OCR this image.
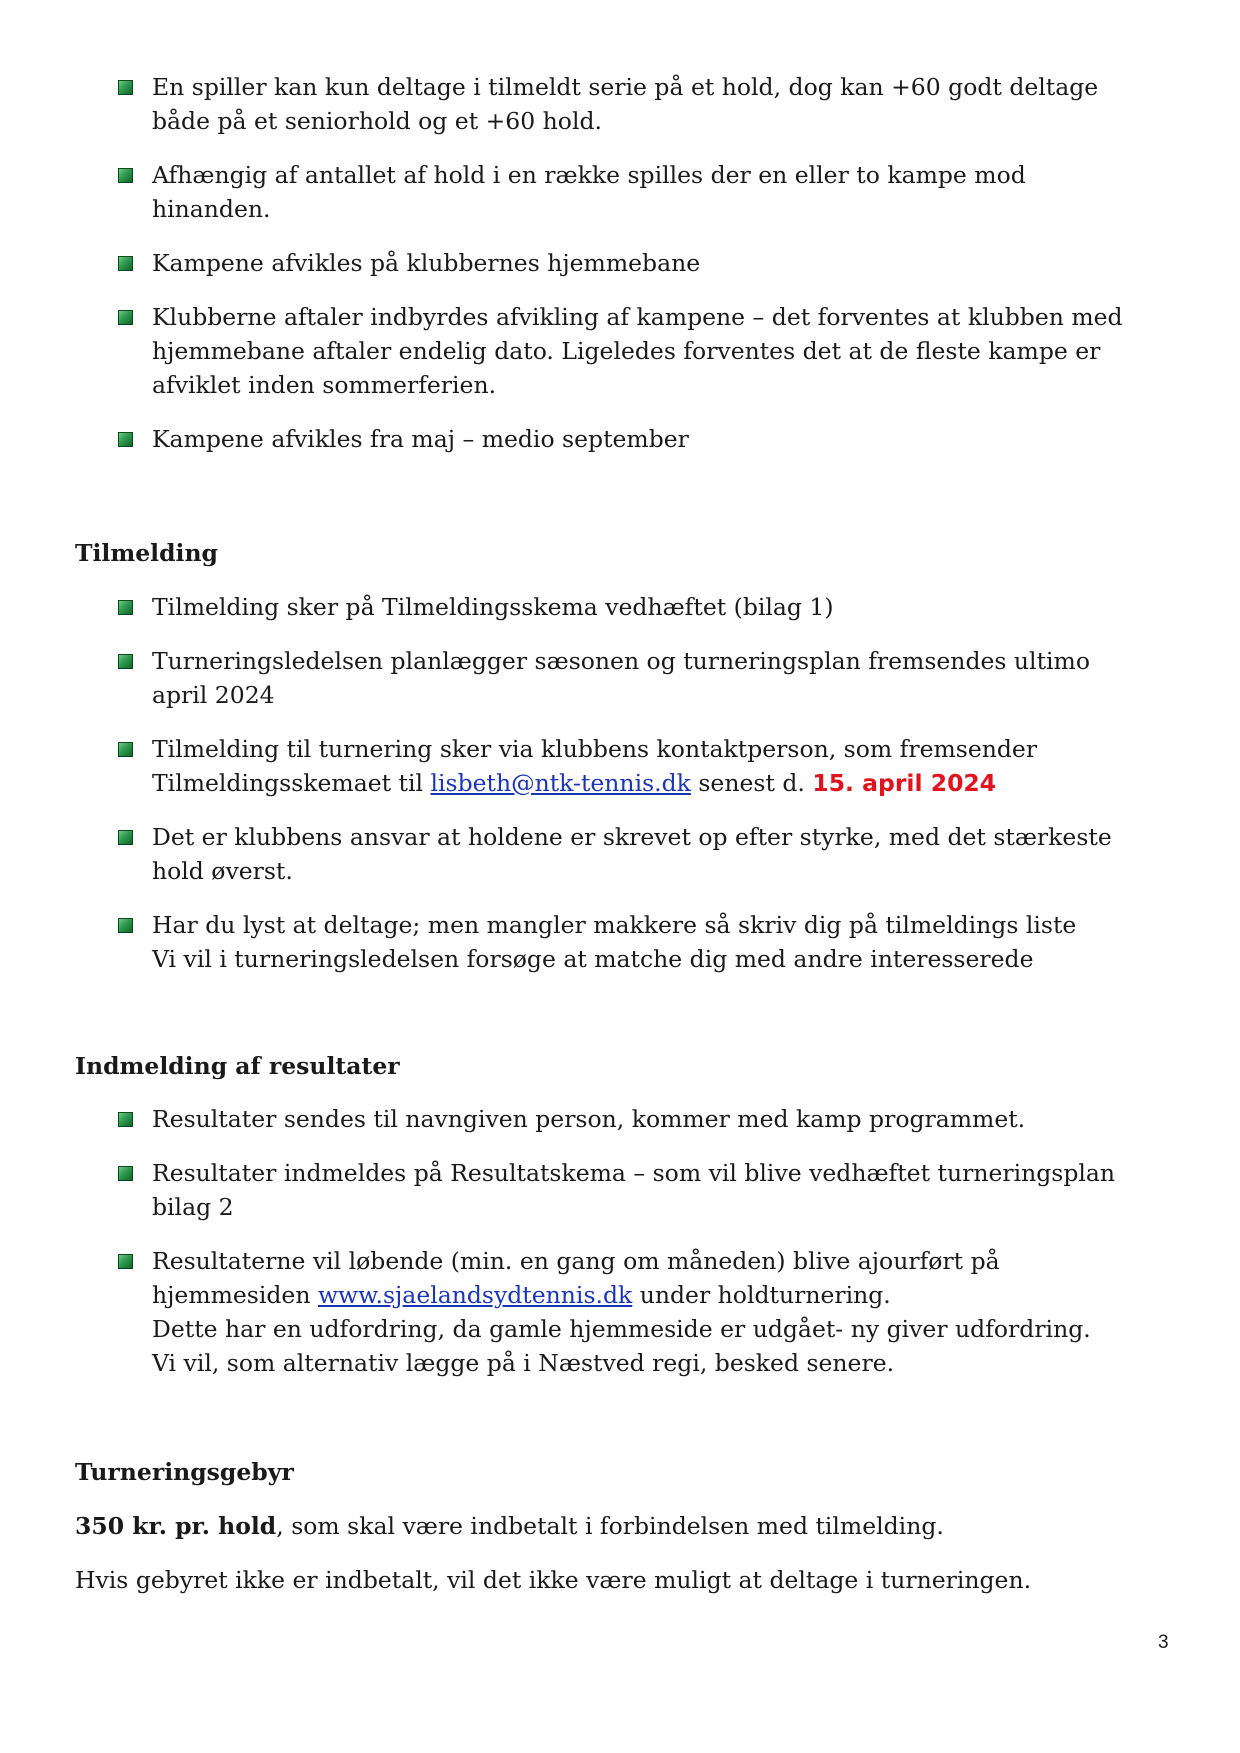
En spiller kan kun deltage i tilmeldt serie på et hold, dog kan +60 godt deltage
både på et seniorhold og et +60 hold.
Afhængig af antallet af hold i en række spilles der en eller to kampe mod
hinanden.
Kampene afvikles på klubbernes hjemmebane
Klubberne aftaler indbyrdes afvikling af kampene – det forventes at klubben med
hjemmebane aftaler endelig dato. Ligeledes forventes det at de fleste kampe er
afviklet inden sommerferien.
Kampene afvikles fra maj – medio september
Tilmelding
Tilmelding sker på Tilmeldingsskema vedhæftet (bilag 1)
Turneringsledelsen planlægger sæsonen og turneringsplan fremsendes ultimo
april 2024
Tilmelding til turnering sker via klubbens kontaktperson, som fremsender
Tilmeldingsskemaet til lisbeth@ntk-tennis.dk senest d. 15. april 2024
Det er klubbens ansvar at holdene er skrevet op efter styrke, med det stærkeste
hold øverst.
Har du lyst at deltage; men mangler makkere så skriv dig på tilmeldings liste
Vi vil i turneringsledelsen forsøge at matche dig med andre interesserede
Indmelding af resultater
Resultater sendes til navngiven person, kommer med kamp programmet.
Resultater indmeldes på Resultatskema – som vil blive vedhæftet turneringsplan
bilag 2
Resultaterne vil løbende (min. en gang om måneden) blive ajourført på
hjemmesiden www.sjaelandsydtennis.dk under holdturnering.
Dette har en udfordring, da gamle hjemmeside er udgået- ny giver udfordring.
Vi vil, som alternativ lægge på i Næstved regi, besked senere.
Turneringsgebyr

350 kr. pr. hold, som skal være indbetalt i forbindelsen med tilmelding.

Hvis gebyret ikke er indbetalt, vil det ikke være muligt at deltage i turneringen.

3
